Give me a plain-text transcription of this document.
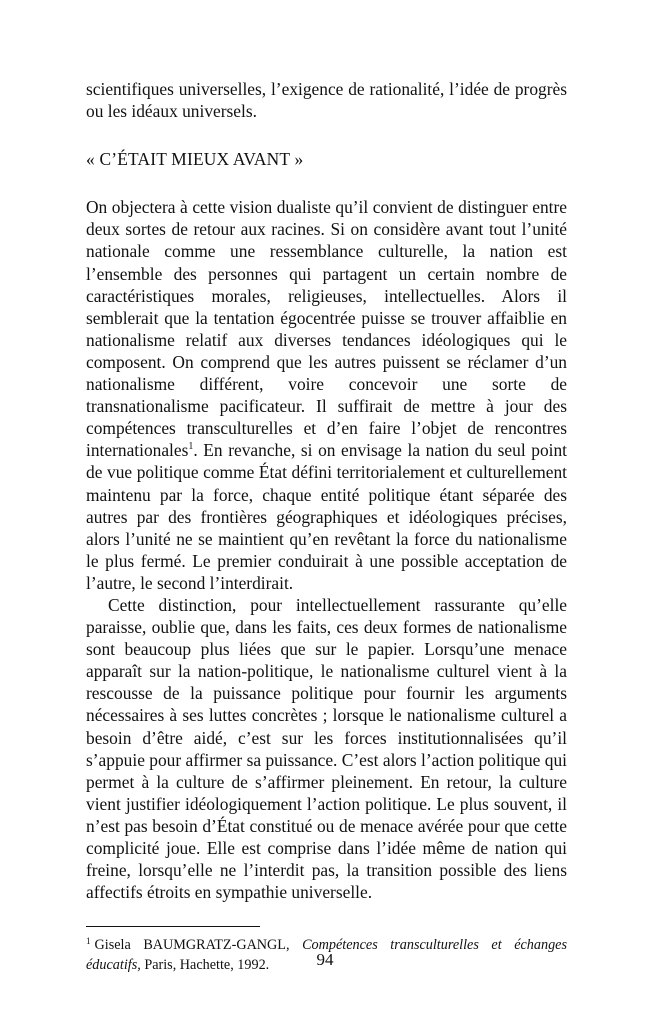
scientifiques universelles, l’exigence de rationalité, l’idée de progrès ou les idéaux universels.

« C’ÉTAIT MIEUX AVANT »

On objectera à cette vision dualiste qu’il convient de distinguer entre deux sortes de retour aux racines. Si on considère avant tout l’unité nationale comme une ressemblance culturelle, la nation est l’ensemble des personnes qui partagent un certain nombre de caractéristiques morales, religieuses, intellectuelles. Alors il semblerait que la tentation égocentrée puisse se trouver affaiblie en nationalisme relatif aux diverses tendances idéologiques qui le composent. On comprend que les autres puissent se réclamer d’un nationalisme différent, voire concevoir une sorte de transnationalisme pacificateur. Il suffirait de mettre à jour des compétences transculturelles et d’en faire l’objet de rencontres internationales$^1$. En revanche, si on envisage la nation du seul point de vue politique comme État défini territorialement et culturellement maintenu par la force, chaque entité politique étant séparée des autres par des frontières géographiques et idéologiques précises, alors l’unité ne se maintient qu’en revêtant la force du nationalisme le plus fermé. Le premier conduirait à une possible acceptation de l’autre, le second l’interdirait.

Cette distinction, pour intellectuellement rassurante qu’elle paraisse, oublie que, dans les faits, ces deux formes de nationalisme sont beaucoup plus liées que sur le papier. Lorsqu’une menace apparaît sur la nation-politique, le nationalisme culturel vient à la rescousse de la puissance politique pour fournir les arguments nécessaires à ses luttes concrètes ; lorsque le nationalisme culturel a besoin d’être aidé, c’est sur les forces institutionnalisées qu’il s’appuie pour affirmer sa puissance. C’est alors l’action politique qui permet à la culture de s’affirmer pleinement. En retour, la culture vient justifier idéologiquement l’action politique. Le plus souvent, il n’est pas besoin d’État constitué ou de menace avérée pour que cette complicité joue. Elle est comprise dans l’idée même de nation qui freine, lorsqu’elle ne l’interdit pas, la transition possible des liens affectifs étroits en sympathie universelle.

$^1$ Gisela BAUMGRATZ-GANGL, Compétences transculturelles et échanges éducatifs, Paris, Hachette, 1992.	94
